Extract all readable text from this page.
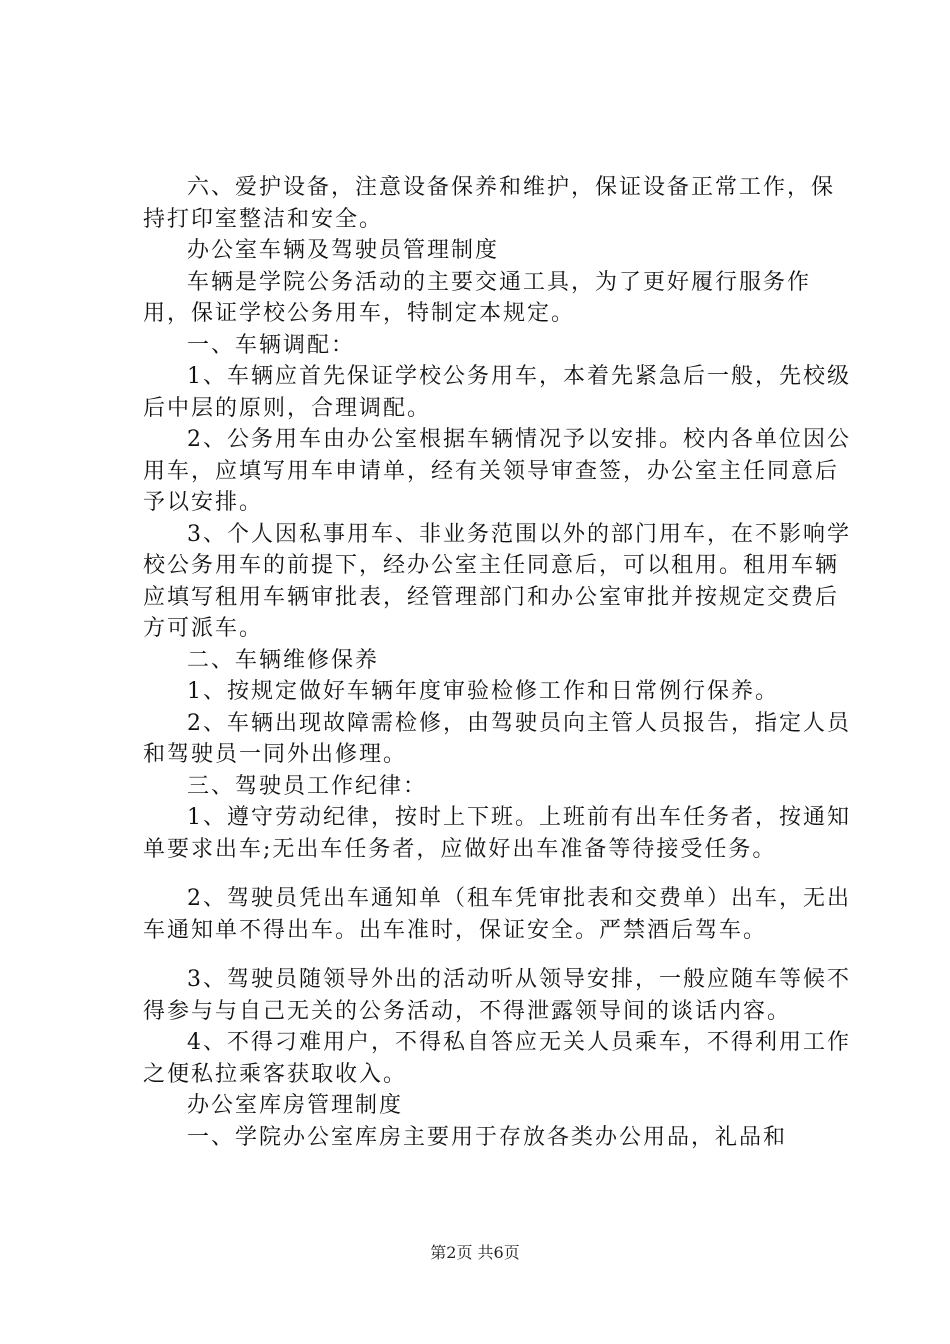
六、爱护设备，注意设备保养和维护，保证设备正常工作，保持打印室整洁和安全。

办公室车辆及驾驶员管理制度

车辆是学院公务活动的主要交通工具，为了更好履行服务作用，保证学校公务用车，特制定本规定。

一、车辆调配：

1、车辆应首先保证学校公务用车，本着先紧急后一般，先校级后中层的原则，合理调配。

2、公务用车由办公室根据车辆情况予以安排。校内各单位因公用车，应填写用车申请单，经有关领导审查签，办公室主任同意后予以安排。

3、个人因私事用车、非业务范围以外的部门用车，在不影响学校公务用车的前提下，经办公室主任同意后，可以租用。租用车辆应填写租用车辆审批表，经管理部门和办公室审批并按规定交费后方可派车。

二、车辆维修保养

1、按规定做好车辆年度审验检修工作和日常例行保养。

2、车辆出现故障需检修，由驾驶员向主管人员报告，指定人员和驾驶员一同外出修理。

三、驾驶员工作纪律：

1、遵守劳动纪律，按时上下班。上班前有出车任务者，按通知单要求出车;无出车任务者，应做好出车准备等待接受任务。

2、驾驶员凭出车通知单（租车凭审批表和交费单）出车，无出车通知单不得出车。出车准时，保证安全。严禁酒后驾车。

3、驾驶员随领导外出的活动听从领导安排，一般应随车等候不得参与与自己无关的公务活动，不得泄露领导间的谈话内容。

4、不得刁难用户，不得私自答应无关人员乘车，不得利用工作之便私拉乘客获取收入。

办公室库房管理制度

一、学院办公室库房主要用于存放各类办公用品，礼品和

第2页 共6页
